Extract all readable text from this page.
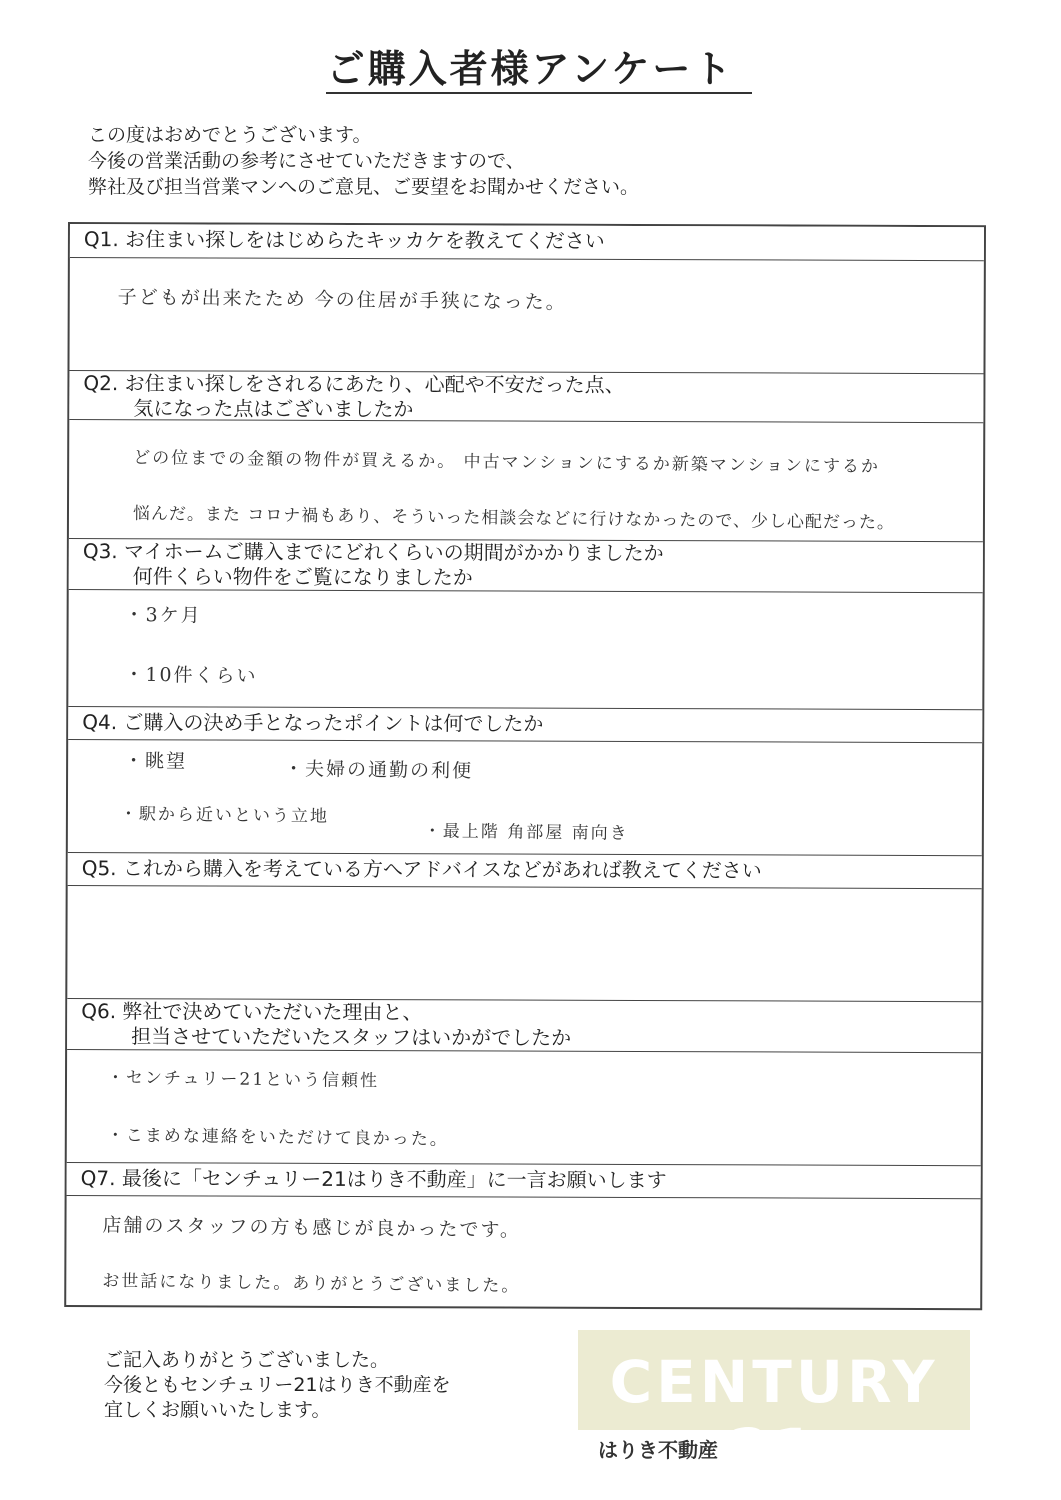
ご購入者様アンケート
この度はおめでとうございます。
今後の営業活動の参考にさせていただきますので、
弊社及び担当営業マンへのご意見、ご要望をお聞かせください。
Q1. お住まい探しをはじめらたキッカケを教えてください
子どもが出来たため 今の住居が手狭になった。
Q2. お住まい探しをされるにあたり、心配や不安だった点、
気になった点はございましたか
どの位までの金額の物件が買えるか。 中古マンションにするか新築マンションにするか
悩んだ。また コロナ禍もあり、そういった相談会などに行けなかったので、少し心配だった。
Q3. マイホームご購入までにどれくらいの期間がかかりましたか
何件くらい物件をご覧になりましたか
・3ケ月
・10件くらい
Q4. ご購入の決め手となったポイントは何でしたか
・眺望	・夫婦の通勤の利便
・駅から近いという立地
・最上階 角部屋 南向き
Q5. これから購入を考えている方へアドバイスなどがあれば教えてください
Q6. 弊社で決めていただいた理由と、
担当させていただいたスタッフはいかがでしたか
・センチュリー21という信頼性
・こまめな連絡をいただけて良かった。
Q7. 最後に「センチュリー21はりき不動産」に一言お願いします
店舗のスタッフの方も感じが良かったです。
お世話になりました。ありがとうございました。
ご記入ありがとうございました。
今後ともセンチュリー21はりき不動産を
宜しくお願いいたします。	CENTURY 21
はりき不動産
